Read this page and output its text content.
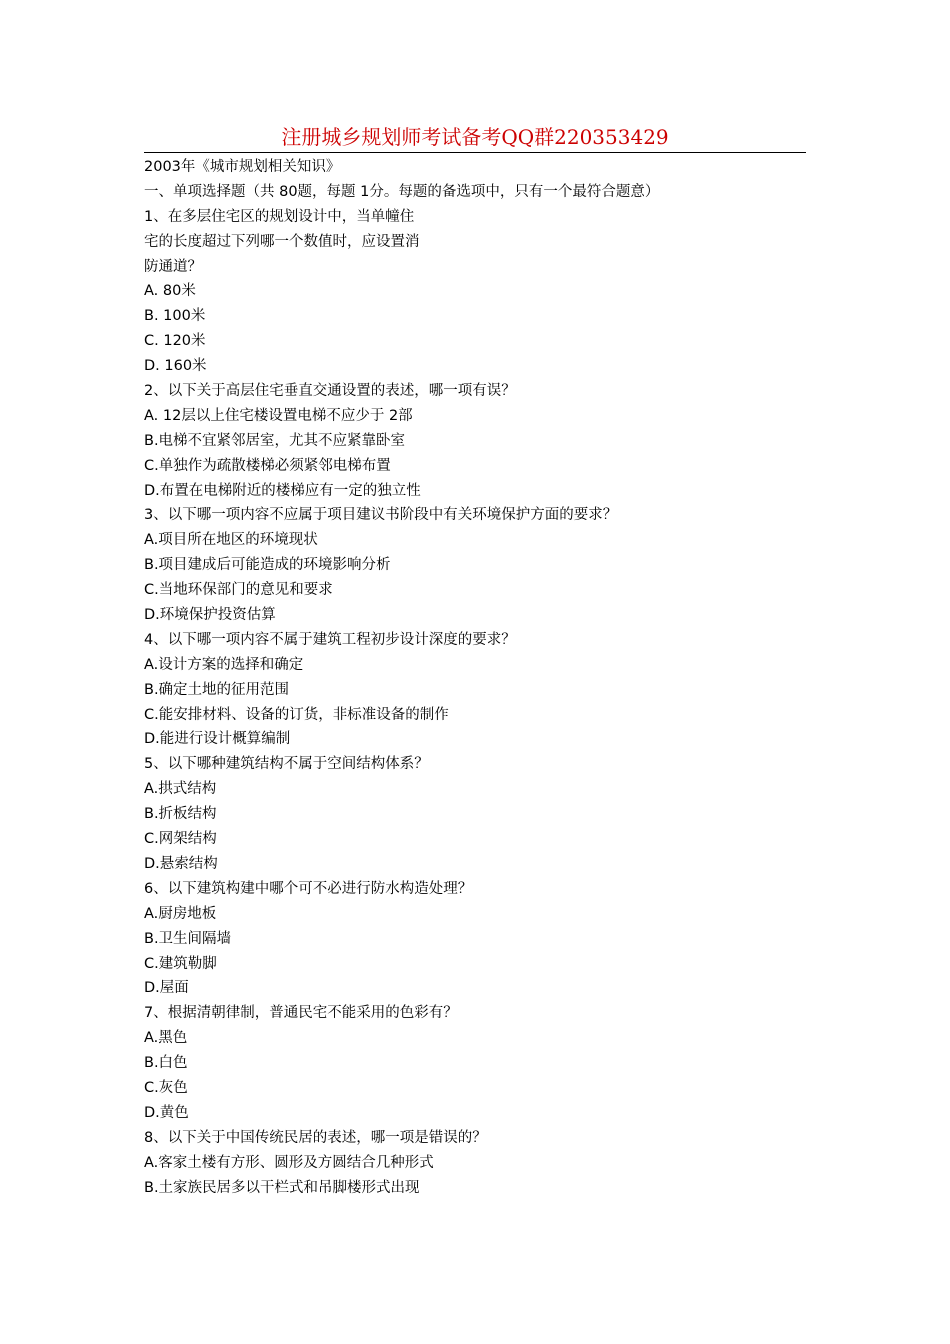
注册城乡规划师考试备考QQ群220353429
2003年《城市规划相关知识》
一、单项选择题（共 80题，每题 1分。每题的备选项中，只有一个最符合题意）
1、在多层住宅区的规划设计中，当单幢住
宅的长度超过下列哪一个数值时，应设置消
防通道？
A. 80米
B. 100米
C. 120米
D. 160米
2、以下关于高层住宅垂直交通设置的表述，哪一项有误？
A. 12层以上住宅楼设置电梯不应少于 2部
B.电梯不宜紧邻居室，尤其不应紧靠卧室
C.单独作为疏散楼梯必须紧邻电梯布置
D.布置在电梯附近的楼梯应有一定的独立性
3、以下哪一项内容不应属于项目建议书阶段中有关环境保护方面的要求？
A.项目所在地区的环境现状
B.项目建成后可能造成的环境影响分析
C.当地环保部门的意见和要求
D.环境保护投资估算
4、以下哪一项内容不属于建筑工程初步设计深度的要求？
A.设计方案的选择和确定
B.确定土地的征用范围
C.能安排材料、设备的订货，非标准设备的制作
D.能进行设计概算编制
5、以下哪种建筑结构不属于空间结构体系？
A.拱式结构
B.折板结构
C.网架结构
D.悬索结构
6、以下建筑构建中哪个可不必进行防水构造处理？
A.厨房地板
B.卫生间隔墙
C.建筑勒脚
D.屋面
7、根据清朝律制，普通民宅不能采用的色彩有？
A.黑色
B.白色
C.灰色
D.黄色
8、以下关于中国传统民居的表述，哪一项是错误的？
A.客家土楼有方形、圆形及方圆结合几种形式
B.土家族民居多以干栏式和吊脚楼形式出现
